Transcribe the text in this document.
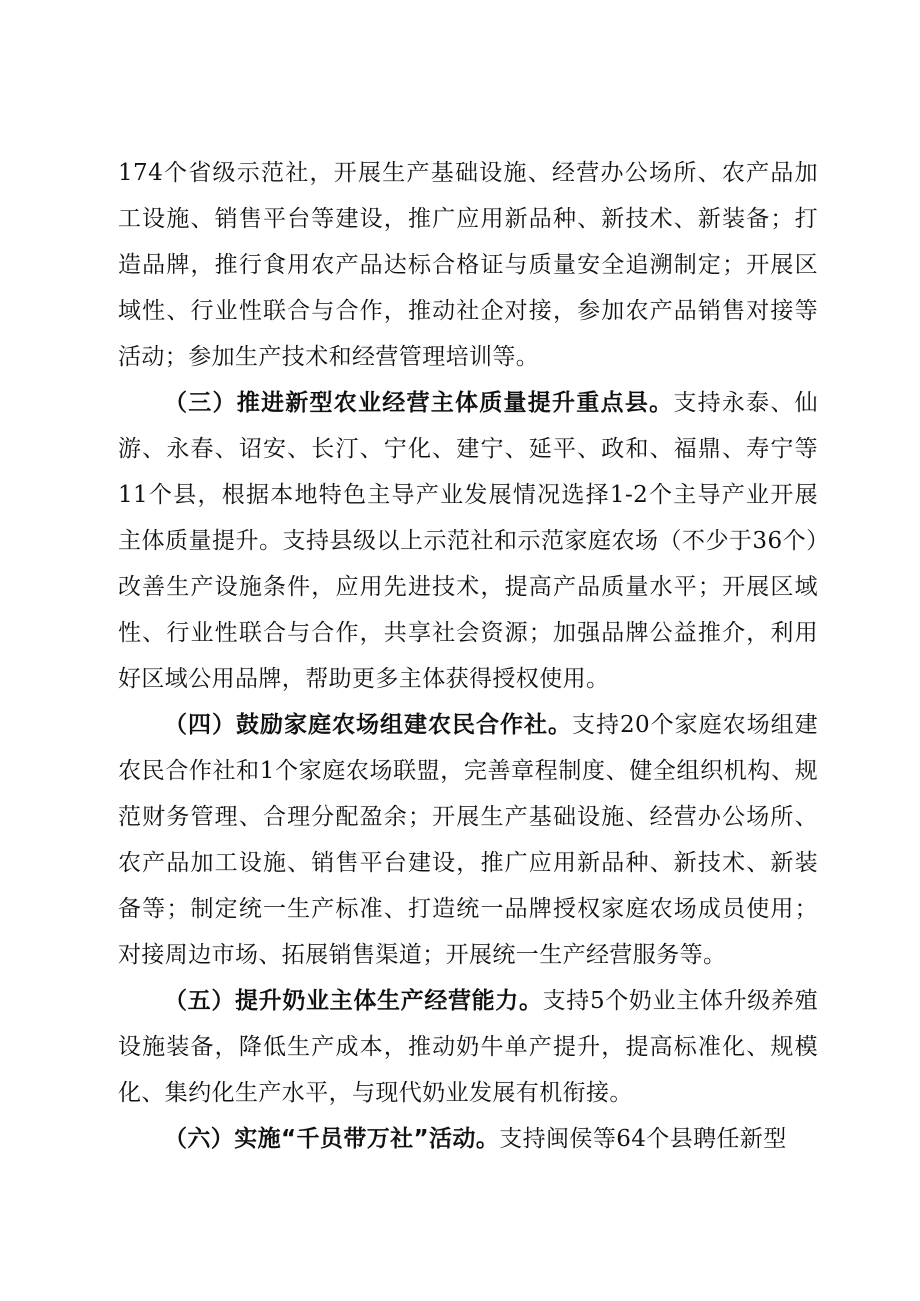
174个省级示范社，开展生产基础设施、经营办公场所、农产品加工设施、销售平台等建设，推广应用新品种、新技术、新装备；打造品牌，推行食用农产品达标合格证与质量安全追溯制定；开展区域性、行业性联合与合作，推动社企对接，参加农产品销售对接等活动；参加生产技术和经营管理培训等。

（三）推进新型农业经营主体质量提升重点县。支持永泰、仙游、永春、诏安、长汀、宁化、建宁、延平、政和、福鼎、寿宁等11个县，根据本地特色主导产业发展情况选择1-2个主导产业开展主体质量提升。支持县级以上示范社和示范家庭农场（不少于36个）改善生产设施条件，应用先进技术，提高产品质量水平；开展区域性、行业性联合与合作，共享社会资源；加强品牌公益推介，利用好区域公用品牌，帮助更多主体获得授权使用。

（四）鼓励家庭农场组建农民合作社。支持20个家庭农场组建农民合作社和1个家庭农场联盟，完善章程制度、健全组织机构、规范财务管理、合理分配盈余；开展生产基础设施、经营办公场所、农产品加工设施、销售平台建设，推广应用新品种、新技术、新装备等；制定统一生产标准、打造统一品牌授权家庭农场成员使用；对接周边市场、拓展销售渠道；开展统一生产经营服务等。

（五）提升奶业主体生产经营能力。支持5个奶业主体升级养殖设施装备，降低生产成本，推动奶牛单产提升，提高标准化、规模化、集约化生产水平，与现代奶业发展有机衔接。

（六）实施“千员带万社”活动。支持闽侯等64个县聘任新型
